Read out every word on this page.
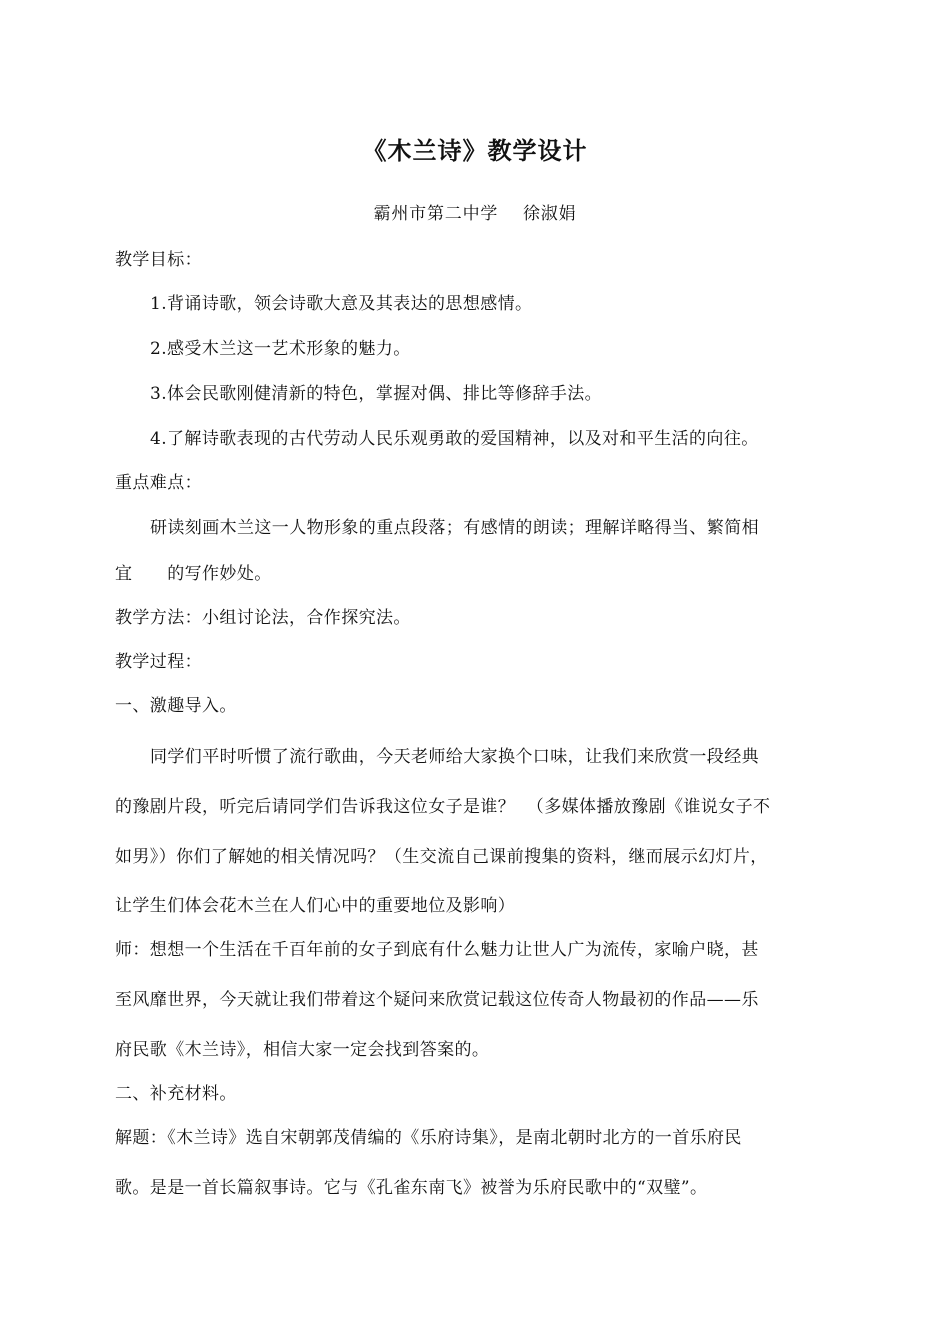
《木兰诗》教学设计
霸州市第二中学    徐淑娟
教学目标：
1.背诵诗歌，领会诗歌大意及其表达的思想感情。
2.感受木兰这一艺术形象的魅力。
3.体会民歌刚健清新的特色，掌握对偶、排比等修辞手法。
4.了解诗歌表现的古代劳动人民乐观勇敢的爱国精神，以及对和平生活的向往。
重点难点：
研读刻画木兰这一人物形象的重点段落；有感情的朗读；理解详略得当、繁简相
宜      的写作妙处。
教学方法：小组讨论法，合作探究法。
教学过程：
一、激趣导入。
同学们平时听惯了流行歌曲，今天老师给大家换个口味，让我们来欣赏一段经典
的豫剧片段，听完后请同学们告诉我这位女子是谁？  （多媒体播放豫剧《谁说女子不
如男》）你们了解她的相关情况吗？（生交流自己课前搜集的资料，继而展示幻灯片，
让学生们体会花木兰在人们心中的重要地位及影响）
师：想想一个生活在千百年前的女子到底有什么魅力让世人广为流传，家喻户晓，甚
至风靡世界，今天就让我们带着这个疑问来欣赏记载这位传奇人物最初的作品——乐
府民歌《木兰诗》，相信大家一定会找到答案的。
二、补充材料。
解题：《木兰诗》选自宋朝郭茂倩编的《乐府诗集》，是南北朝时北方的一首乐府民
歌。是是一首长篇叙事诗。它与《孔雀东南飞》被誉为乐府民歌中的“双璧”。
